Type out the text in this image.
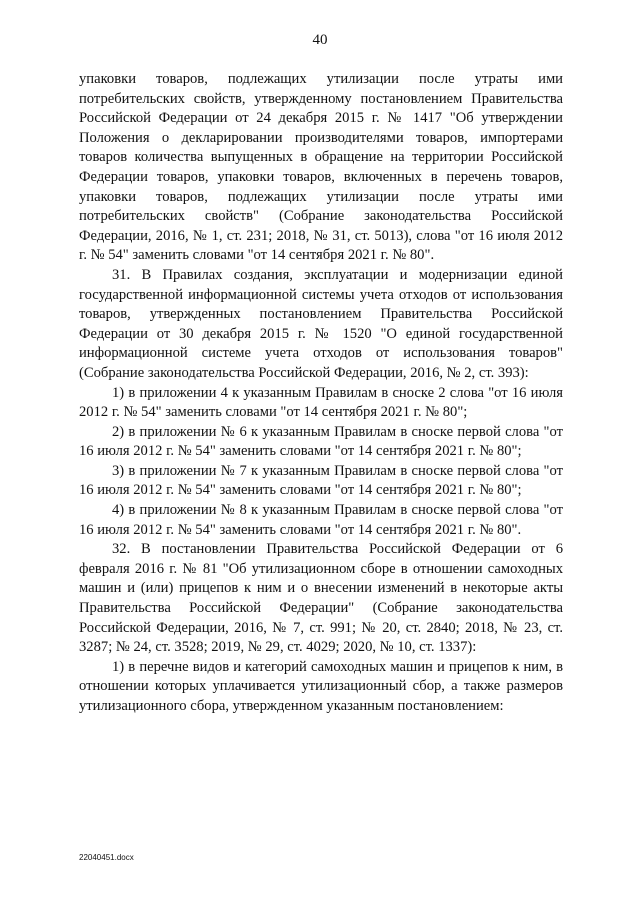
40

упаковки товаров, подлежащих утилизации после утраты ими потребительских свойств, утвержденному постановлением Правительства Российской Федерации от 24 декабря 2015 г. № 1417 "Об утверждении Положения о декларировании производителями товаров, импортерами товаров количества выпущенных в обращение на территории Российской Федерации товаров, упаковки товаров, включенных в перечень товаров, упаковки товаров, подлежащих утилизации после утраты ими потребительских свойств" (Собрание законодательства Российской Федерации, 2016, № 1, ст. 231; 2018, № 31, ст. 5013), слова "от 16 июля 2012 г. № 54" заменить словами "от 14 сентября 2021 г. № 80".

31. В Правилах создания, эксплуатации и модернизации единой государственной информационной системы учета отходов от использования товаров, утвержденных постановлением Правительства Российской Федерации от 30 декабря 2015 г. № 1520 "О единой государственной информационной системе учета отходов от использования товаров" (Собрание законодательства Российской Федерации, 2016, № 2, ст. 393):

1) в приложении 4 к указанным Правилам в сноске 2 слова "от 16 июля 2012 г. № 54" заменить словами "от 14 сентября 2021 г. № 80";

2) в приложении № 6 к указанным Правилам в сноске первой слова "от 16 июля 2012 г. № 54" заменить словами "от 14 сентября 2021 г. № 80";

3) в приложении № 7 к указанным Правилам в сноске первой слова "от 16 июля 2012 г. № 54" заменить словами "от 14 сентября 2021 г. № 80";

4) в приложении № 8 к указанным Правилам в сноске первой слова "от 16 июля 2012 г. № 54" заменить словами "от 14 сентября 2021 г. № 80".

32. В постановлении Правительства Российской Федерации от 6 февраля 2016 г. № 81 "Об утилизационном сборе в отношении самоходных машин и (или) прицепов к ним и о внесении изменений в некоторые акты Правительства Российской Федерации" (Собрание законодательства Российской Федерации, 2016, № 7, ст. 991; № 20, ст. 2840; 2018, № 23, ст. 3287; № 24, ст. 3528; 2019, № 29, ст. 4029; 2020, № 10, ст. 1337):

1) в перечне видов и категорий самоходных машин и прицепов к ним, в отношении которых уплачивается утилизационный сбор, а также размеров утилизационного сбора, утвержденном указанным постановлением:

22040451.docx
